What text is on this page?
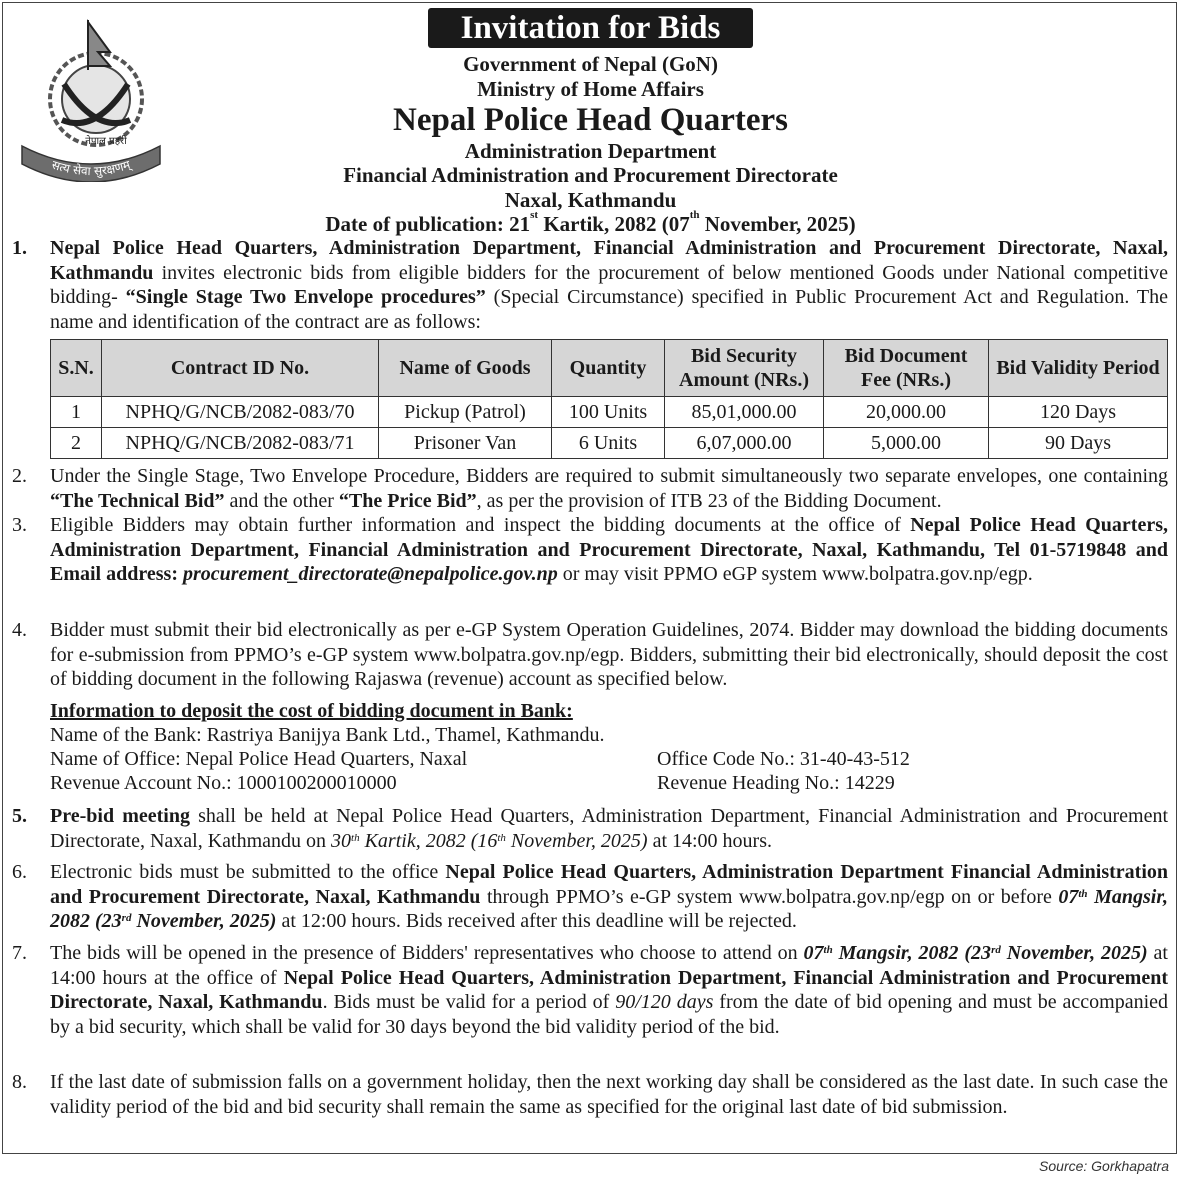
सत्य सेवा सुरक्षणम्
नेपाल प्रहरी
Invitation for Bids
Government of Nepal (GoN)
Ministry of Home Affairs
Nepal Police Head Quarters
Administration Department
Financial Administration and Procurement Directorate
Naxal, Kathmandu
Date of publication: 21st Kartik, 2082 (07th November, 2025)
1.	Nepal Police Head Quarters, Administration Department, Financial Administration and Procurement Directorate, Naxal, Kathmandu invites electronic bids from eligible bidders for the procurement of below mentioned Goods under National competitive bidding- “Single Stage Two Envelope procedures” (Special Circumstance) specified in Public Procurement Act and Regulation. The name and identification of the contract are as follows:
S.N.	Contract ID No.	Name of Goods	Quantity	Bid Security Amount (NRs.)	Bid Document Fee (NRs.)	Bid Validity Period
1	NPHQ/G/NCB/2082-083/70	Pickup (Patrol)	100 Units	85,01,000.00	20,000.00	120 Days
2	NPHQ/G/NCB/2082-083/71	Prisoner Van	6 Units	6,07,000.00	5,000.00	90 Days
2.	Under the Single Stage, Two Envelope Procedure, Bidders are required to submit simultaneously two separate envelopes, one containing “The Technical Bid” and the other “The Price Bid”, as per the provision of ITB 23 of the Bidding Document.
3.	Eligible Bidders may obtain further information and inspect the bidding documents at the office of Nepal Police Head Quarters, Administration Department, Financial Administration and Procurement Directorate, Naxal, Kathmandu, Tel 01-5719848 and Email address: procurement_directorate@nepalpolice.gov.np or may visit PPMO eGP system www.bolpatra.gov.np/egp.
4.	Bidder must submit their bid electronically as per e-GP System Operation Guidelines, 2074. Bidder may download the bidding documents for e-submission from PPMO’s e-GP system www.bolpatra.gov.np/egp. Bidders, submitting their bid electronically, should deposit the cost of bidding document in the following Rajaswa (revenue) account as specified below.
Information to deposit the cost of bidding document in Bank:
Name of the Bank: Rastriya Banijya Bank Ltd., Thamel, Kathmandu.
Name of Office: Nepal Police Head Quarters, Naxal	Office Code No.: 31-40-43-512
Revenue Account No.: 1000100200010000	Revenue Heading No.: 14229
5.	Pre-bid meeting shall be held at Nepal Police Head Quarters, Administration Department, Financial Administration and Procurement Directorate, Naxal, Kathmandu on 30th Kartik, 2082 (16th November, 2025) at 14:00 hours.
6.	Electronic bids must be submitted to the office Nepal Police Head Quarters, Administration Department Financial Administration and Procurement Directorate, Naxal, Kathmandu through PPMO’s e-GP system www.bolpatra.gov.np/egp on or before 07th Mangsir, 2082 (23rd November, 2025) at 12:00 hours. Bids received after this deadline will be rejected.
7.	The bids will be opened in the presence of Bidders' representatives who choose to attend on 07th Mangsir, 2082 (23rd November, 2025) at 14:00 hours at the office of Nepal Police Head Quarters, Administration Department, Financial Administration and Procurement Directorate, Naxal, Kathmandu. Bids must be valid for a period of 90/120 days from the date of bid opening and must be accompanied by a bid security, which shall be valid for 30 days beyond the bid validity period of the bid.
8.	If the last date of submission falls on a government holiday, then the next working day shall be considered as the last date. In such case the validity period of the bid and bid security shall remain the same as specified for the original last date of bid submission.
Source: Gorkhapatra
